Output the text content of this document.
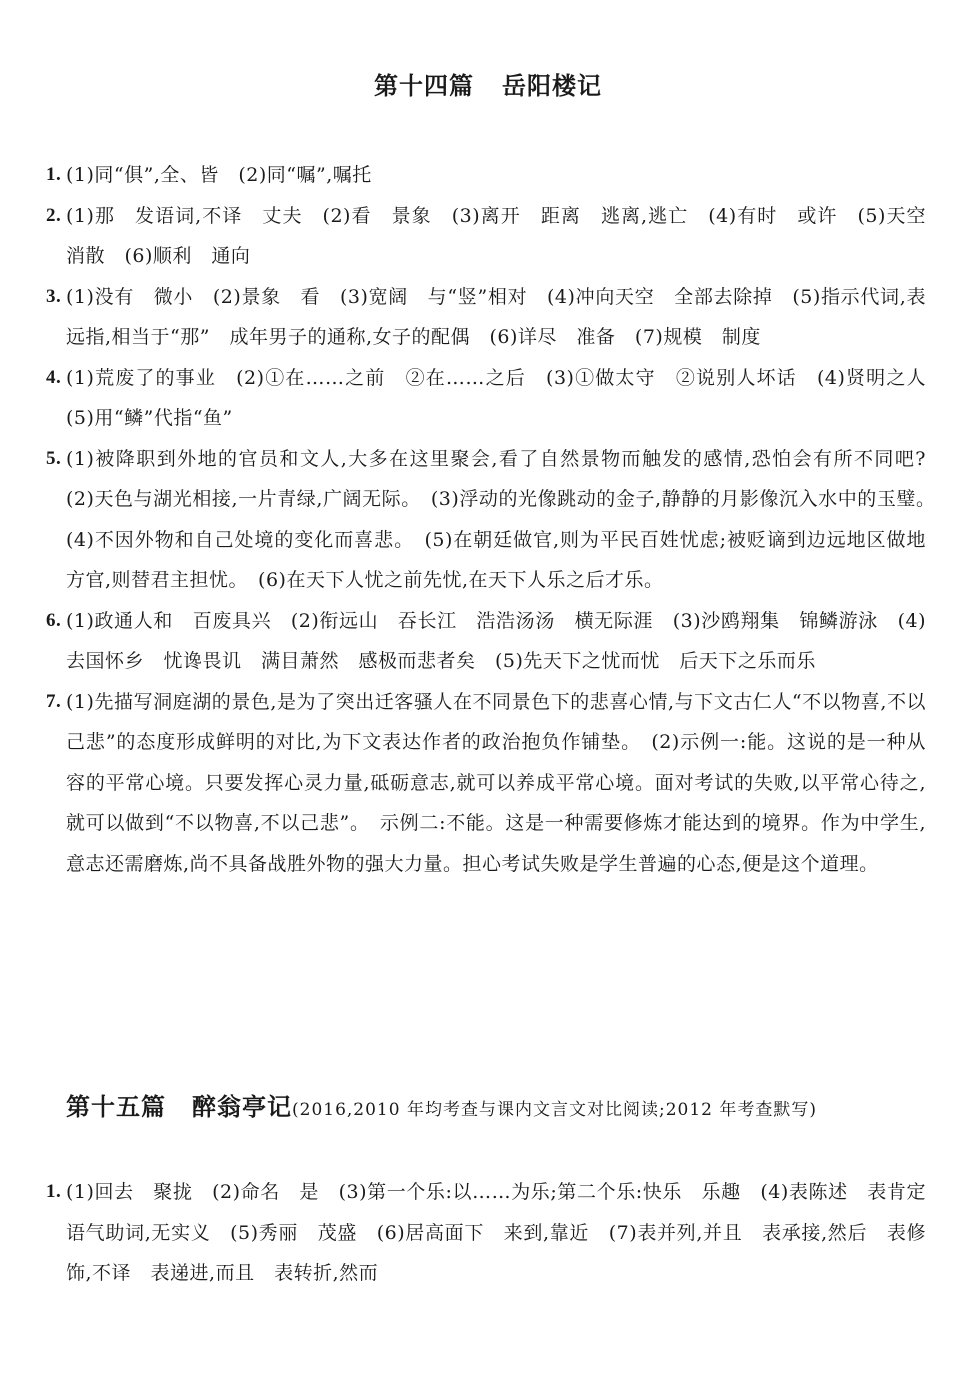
第十四篇 岳阳楼记
1. (1)同“俱”,全、皆　(2)同“嘱”,嘱托
2. (1)那　发语词,不译　丈夫　(2)看　景象　(3)离开　距离　逃离,逃亡　(4)有时　或许　(5)天空　消散　(6)顺利　通向
3. (1)没有　微小　(2)景象　看　(3)宽阔　与“竖”相对　(4)冲向天空　全部去除掉　(5)指示代词,表远指,相当于“那”　成年男子的通称,女子的配偶　(6)详尽　准备　(7)规模　制度
4. (1)荒废了的事业　(2)①在……之前　②在……之后　(3)①做太守　②说别人坏话　(4)贤明之人　(5)用“鳞”代指“鱼”
5. (1)被降职到外地的官员和文人,大多在这里聚会,看了自然景物而触发的感情,恐怕会有所不同吧?　(2)天色与湖光相接,一片青绿,广阔无际。　(3)浮动的光像跳动的金子,静静的月影像沉入水中的玉璧。　(4)不因外物和自己处境的变化而喜悲。　(5)在朝廷做官,则为平民百姓忧虑;被贬谪到边远地区做地方官,则替君主担忧。　(6)在天下人忧之前先忧,在天下人乐之后才乐。
6. (1)政通人和　百废具兴　(2)衔远山　吞长江　浩浩汤汤　横无际涯　(3)沙鸥翔集　锦鳞游泳　(4)去国怀乡　忧谗畏讥　满目萧然　感极而悲者矣　(5)先天下之忧而忧　后天下之乐而乐
7. (1)先描写洞庭湖的景色,是为了突出迁客骚人在不同景色下的悲喜心情,与下文古仁人“不以物喜,不以己悲”的态度形成鲜明的对比,为下文表达作者的政治抱负作铺垫。　(2)示例一:能。这说的是一种从容的平常心境。只要发挥心灵力量,砥砺意志,就可以养成平常心境。面对考试的失败,以平常心待之,就可以做到“不以物喜,不以己悲”。　示例二:不能。这是一种需要修炼才能达到的境界。作为中学生,意志还需磨炼,尚不具备战胜外物的强大力量。担心考试失败是学生普遍的心态,便是这个道理。
第十五篇 醉翁亭记(2016,2010 年均考查与课内文言文对比阅读;2012 年考查默写)
1. (1)回去　聚拢　(2)命名　是　(3)第一个乐:以……为乐;第二个乐:快乐　乐趣　(4)表陈述　表肯定　语气助词,无实义　(5)秀丽　茂盛　(6)居高面下　来到,靠近　(7)表并列,并且　表承接,然后　表修饰,不译　表递进,而且　表转折,然而
